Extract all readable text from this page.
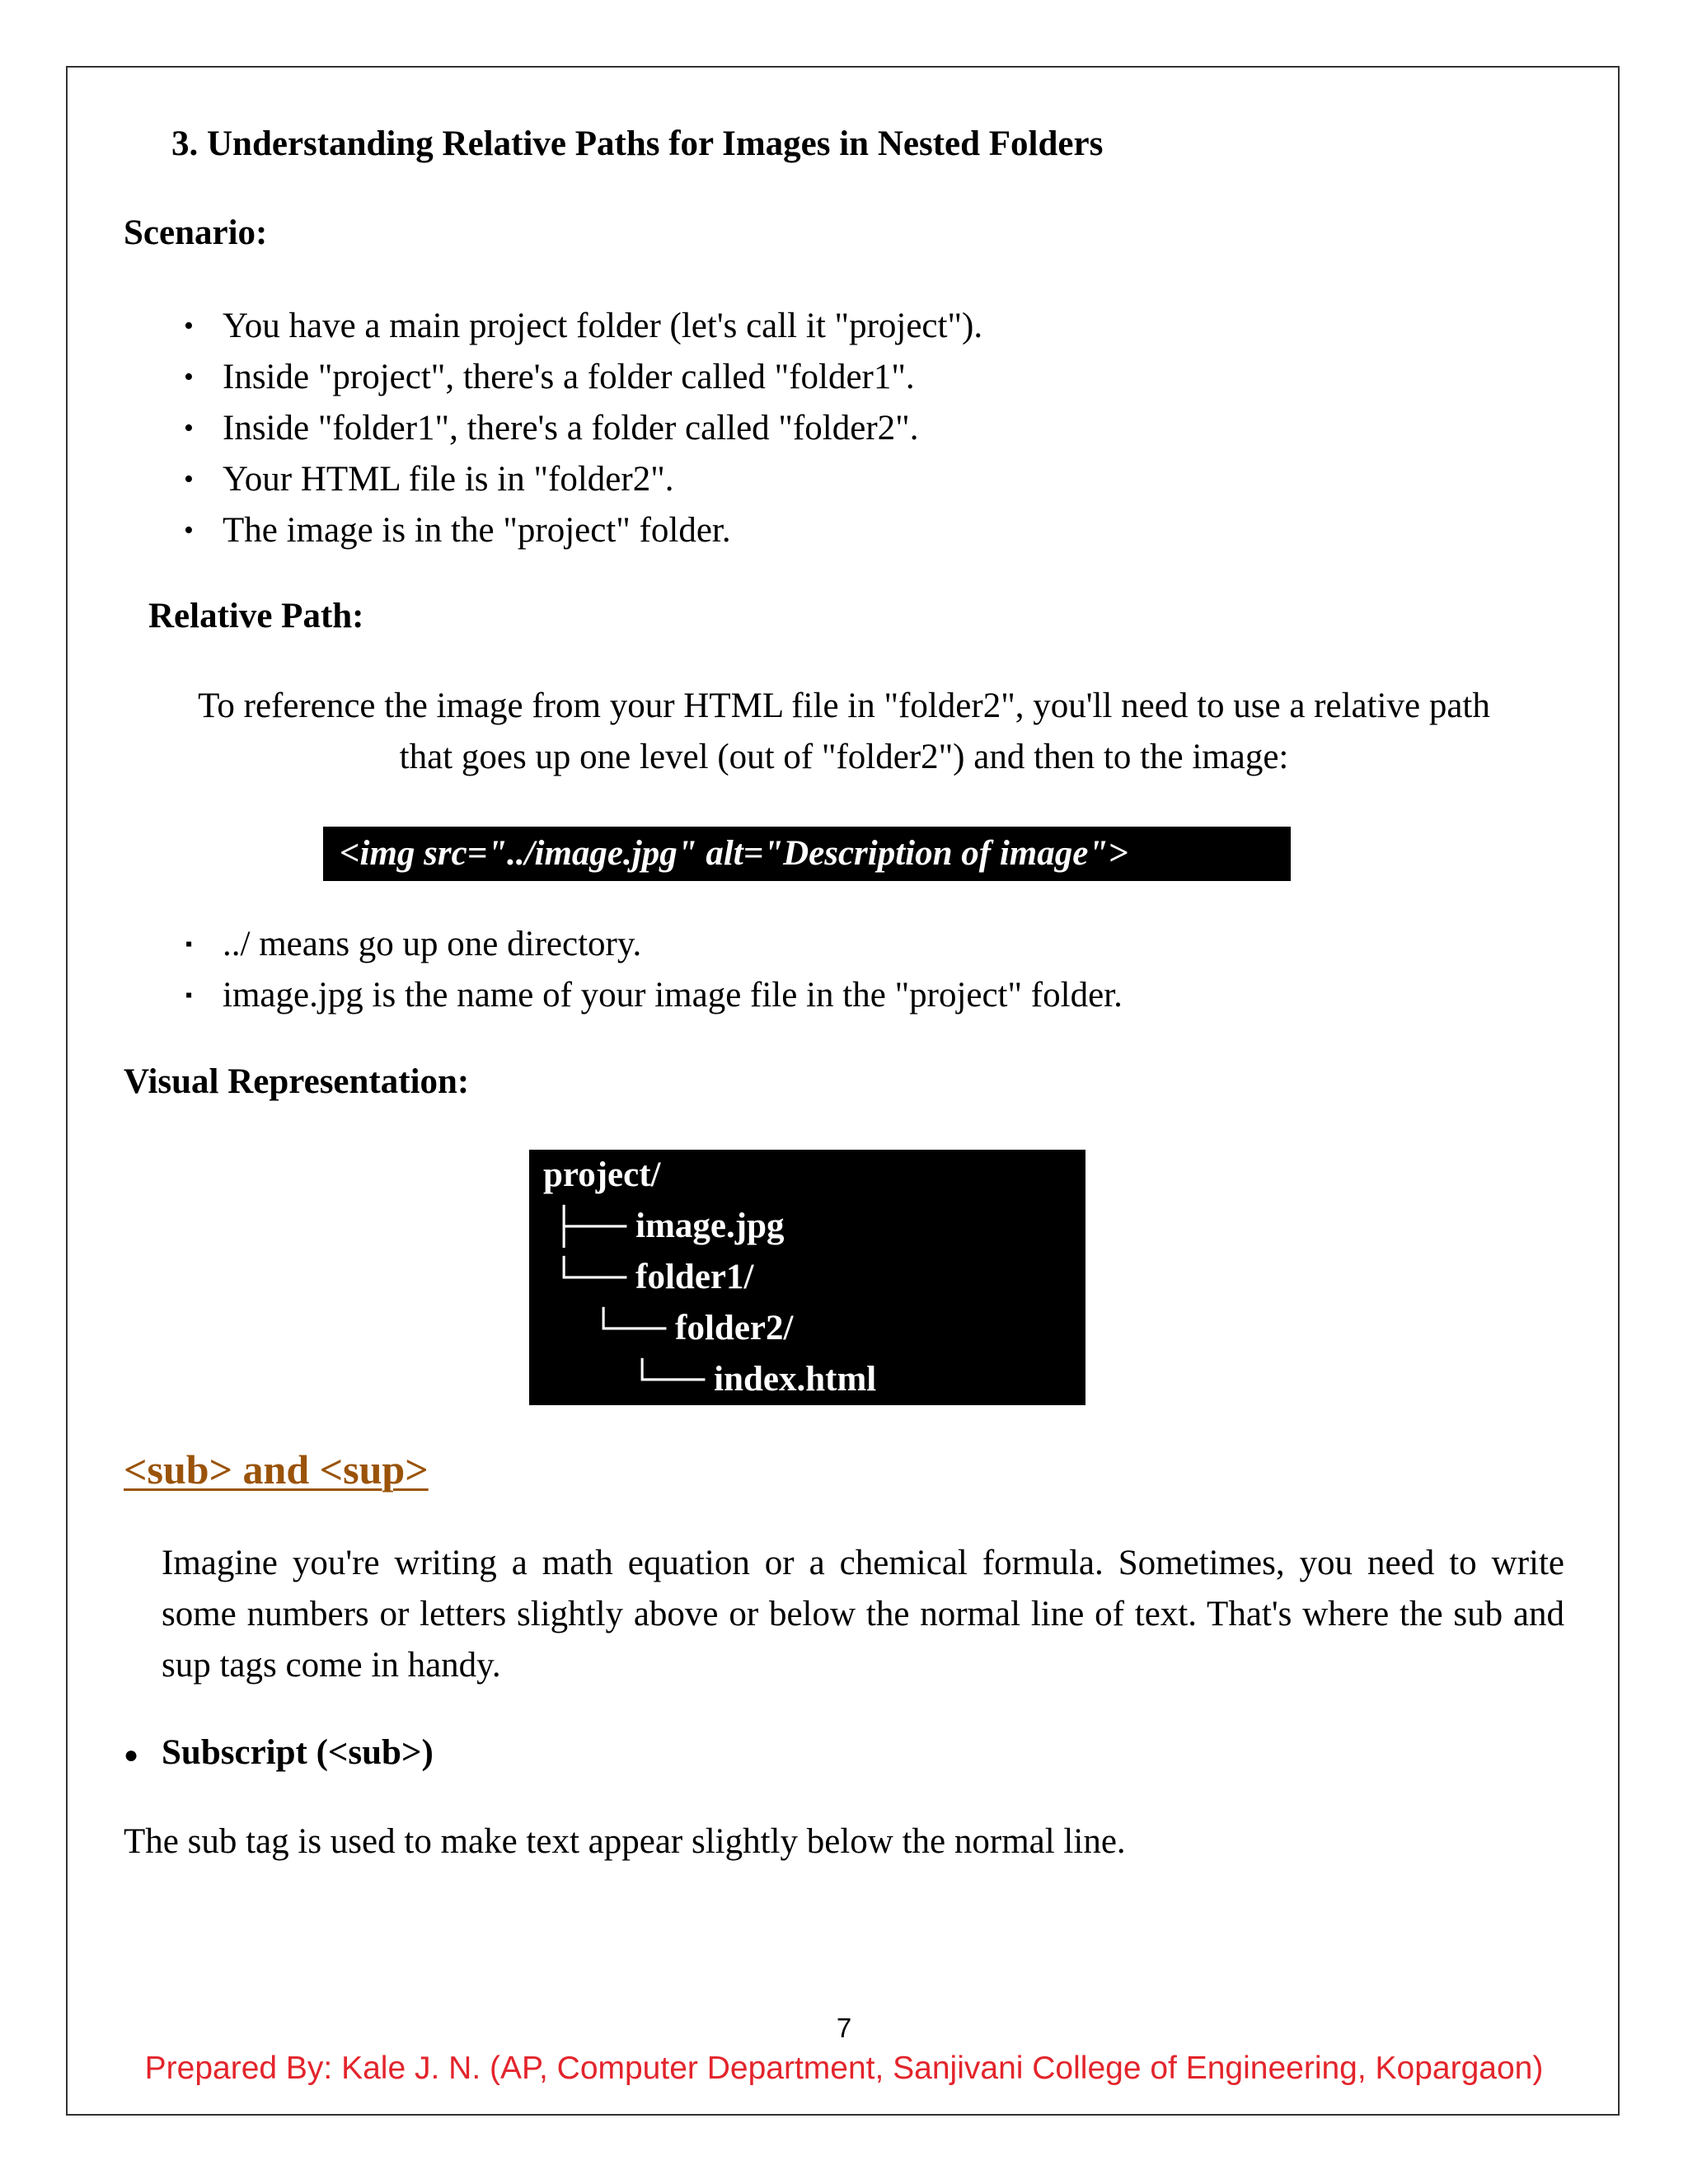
3. Understanding Relative Paths for Images in Nested Folders
Scenario:
• You have a main project folder (let's call it "project").
• Inside "project", there's a folder called "folder1".
• Inside "folder1", there's a folder called "folder2".
• Your HTML file is in "folder2".
• The image is in the "project" folder.
Relative Path:
To reference the image from your HTML file in "folder2", you'll need to use a relative path
that goes up one level (out of "folder2") and then to the image:
<img src="../image.jpg" alt="Description of image">
▪ ../ means go up one directory.
▪ image.jpg is the name of your image file in the "project" folder.
Visual Representation:
project/
├── image.jpg
└── folder1/
└── folder2/
└── index.html
<sub> and <sup>
Imagine you're writing a math equation or a chemical formula. Sometimes, you need to write some numbers or letters slightly above or below the normal line of text. That's where the sub and sup tags come in handy.
● Subscript (<sub>)
The sub tag is used to make text appear slightly below the normal line.
7
Prepared By: Kale J. N. (AP, Computer Department, Sanjivani College of Engineering, Kopargaon)
